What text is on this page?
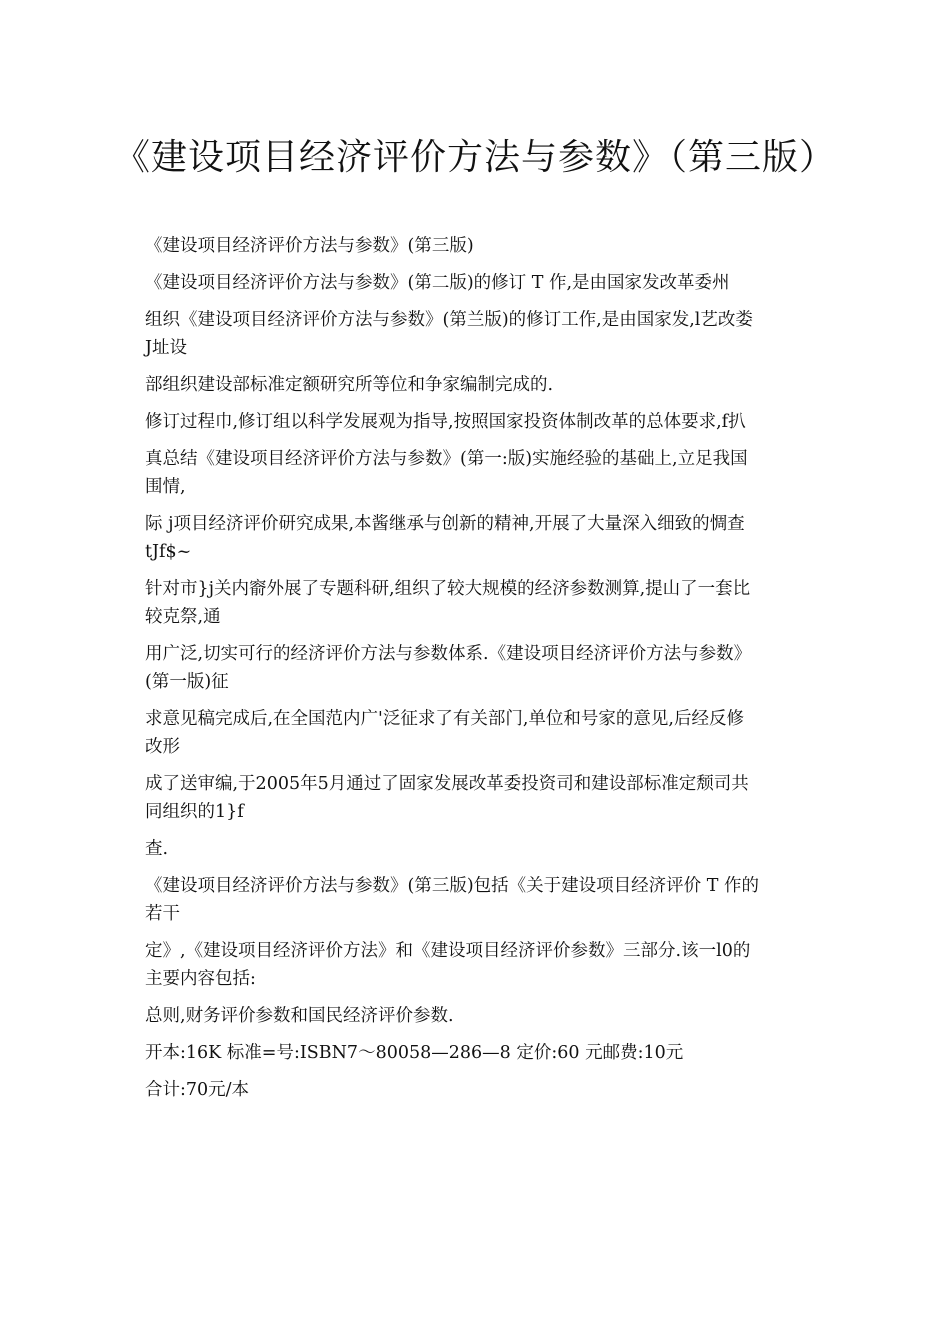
《建设项目经济评价方法与参数》（第三版）

《建设项目经济评价方法与参数》(第三版)

《建设项目经济评价方法与参数》(第二版)的修订 T 作,是由国家发改革委州

组织《建设项目经济评价方法与参数》(第兰版)的修订工作,是由国家发,l艺改娄

J址设

部组织建设部标准定额研究所等位和争家编制完成的.

修订过程巾,修订组以科学发展观为指导,按照国家投资体制改革的总体要求,f扒

真总结《建设项目经济评价方法与参数》(第一:版)实施经验的基础上,立足我国

围情,

际 j项目经济评价研究成果,本酱继承与创新的精神,开展了大量深入细致的惆查

tJf$~

针对市}j关内窬外展了专题科研,组织了较大规模的经济参数测算,提山了一套比

较克祭,通

用广泛,切实可行的经济评价方法与参数体系.《建设项目经济评价方法与参数》

(第一版)征

求意见稿完成后,在全国范内广'泛征求了有关部门,单位和号家的意见,后经反修

改形

成了送审编,于2005年5月通过了固家发展改革委投资司和建设部标准定颓司共

同组织的1}f

查.

《建设项目经济评价方法与参数》(第三版)包括《关于建设项目经济评价 T 作的

若干

定》,《建设项目经济评价方法》和《建设项目经济评价参数》三部分.该一l0的

主要内容包括:

总则,财务评价参数和国民经济评价参数.

开本:16K 标准=号:ISBN7～80058—286—8 定价:60 元邮费:10元

合计:70元/本
